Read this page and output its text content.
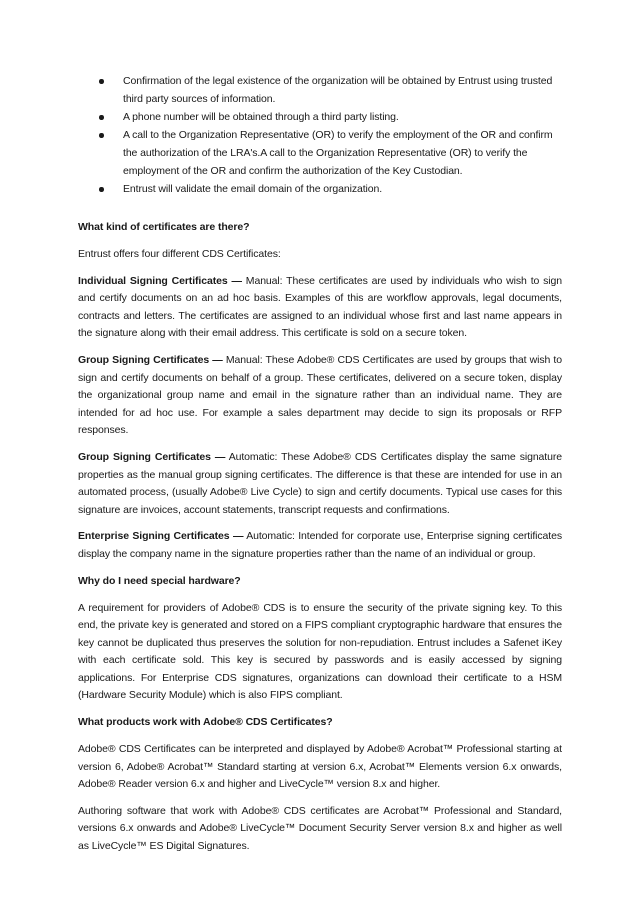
Confirmation of the legal existence of the organization will be obtained by Entrust using trusted third party sources of information.
A phone number will be obtained through a third party listing.
A call to the Organization Representative (OR) to verify the employment of the OR and confirm the authorization of the LRA's.A call to the Organization Representative (OR) to verify the employment of the OR and confirm the authorization of the Key Custodian.
Entrust will validate the email domain of the organization.
What kind of certificates are there?

Entrust offers four different CDS Certificates:

Individual Signing Certificates — Manual: These certificates are used by individuals who wish to sign and certify documents on an ad hoc basis. Examples of this are workflow approvals, legal documents, contracts and letters. The certificates are assigned to an individual whose first and last name appears in the signature along with their email address. This certificate is sold on a secure token.

Group Signing Certificates — Manual: These Adobe® CDS Certificates are used by groups that wish to sign and certify documents on behalf of a group. These certificates, delivered on a secure token, display the organizational group name and email in the signature rather than an individual name. They are intended for ad hoc use. For example a sales department may decide to sign its proposals or RFP responses.

Group Signing Certificates — Automatic: These Adobe® CDS Certificates display the same signature properties as the manual group signing certificates. The difference is that these are intended for use in an automated process, (usually Adobe® Live Cycle) to sign and certify documents. Typical use cases for this signature are invoices, account statements, transcript requests and confirmations.

Enterprise Signing Certificates — Automatic: Intended for corporate use, Enterprise signing certificates display the company name in the signature properties rather than the name of an individual or group.

Why do I need special hardware?

A requirement for providers of Adobe® CDS is to ensure the security of the private signing key. To this end, the private key is generated and stored on a FIPS compliant cryptographic hardware that ensures the key cannot be duplicated thus preserves the solution for non-repudiation. Entrust includes a Safenet iKey with each certificate sold. This key is secured by passwords and is easily accessed by signing applications. For Enterprise CDS signatures, organizations can download their certificate to a HSM (Hardware Security Module) which is also FIPS compliant.

What products work with Adobe® CDS Certificates?

Adobe® CDS Certificates can be interpreted and displayed by Adobe® Acrobat™ Professional starting at version 6, Adobe® Acrobat™ Standard starting at version 6.x, Acrobat™ Elements version 6.x onwards, Adobe® Reader version 6.x and higher and LiveCycle™ version 8.x and higher.

Authoring software that work with Adobe® CDS certificates are Acrobat™ Professional and Standard, versions 6.x onwards and Adobe® LiveCycle™ Document Security Server version 8.x and higher as well as LiveCycle™ ES Digital Signatures.
